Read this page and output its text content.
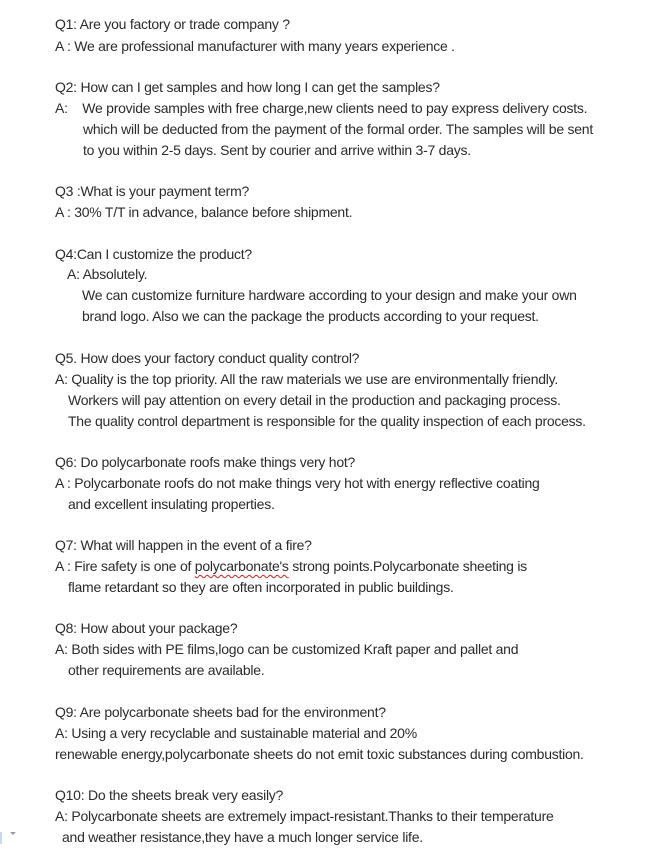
Q1: Are you factory or trade company ?
A : We are professional manufacturer with many years experience .
Q2: How can I get samples and how long I can get the samples?
A:    We provide samples with free charge,new clients need to pay express delivery costs.
which will be deducted from the payment of the formal order. The samples will be sent
to you within 2-5 days. Sent by courier and arrive within 3-7 days.
Q3 :What is your payment term?
A : 30% T/T in advance, balance before shipment.
Q4:Can I customize the product?
A: Absolutely.
We can customize furniture hardware according to your design and make your own
brand logo. Also we can the package the products according to your request.
Q5. How does your factory conduct quality control?
A: Quality is the top priority. All the raw materials we use are environmentally friendly.
Workers will pay attention on every detail in the production and packaging process.
The quality control department is responsible for the quality inspection of each process.
Q6: Do polycarbonate roofs make things very hot?
A : Polycarbonate roofs do not make things very hot with energy reflective coating
and excellent insulating properties.
Q7: What will happen in the event of a fire?
A : Fire safety is one of polycarbonate's strong points.Polycarbonate sheeting is
flame retardant so they are often incorporated in public buildings.
Q8: How about your package?
A: Both sides with PE films,logo can be customized Kraft paper and pallet and
other requirements are available.
Q9: Are polycarbonate sheets bad for the environment?
A: Using a very recyclable and sustainable material and 20%
renewable energy,polycarbonate sheets do not emit toxic substances during combustion.
Q10: Do the sheets break very easily?
A: Polycarbonate sheets are extremely impact-resistant.Thanks to their temperature
and weather resistance,they have a much longer service life.
